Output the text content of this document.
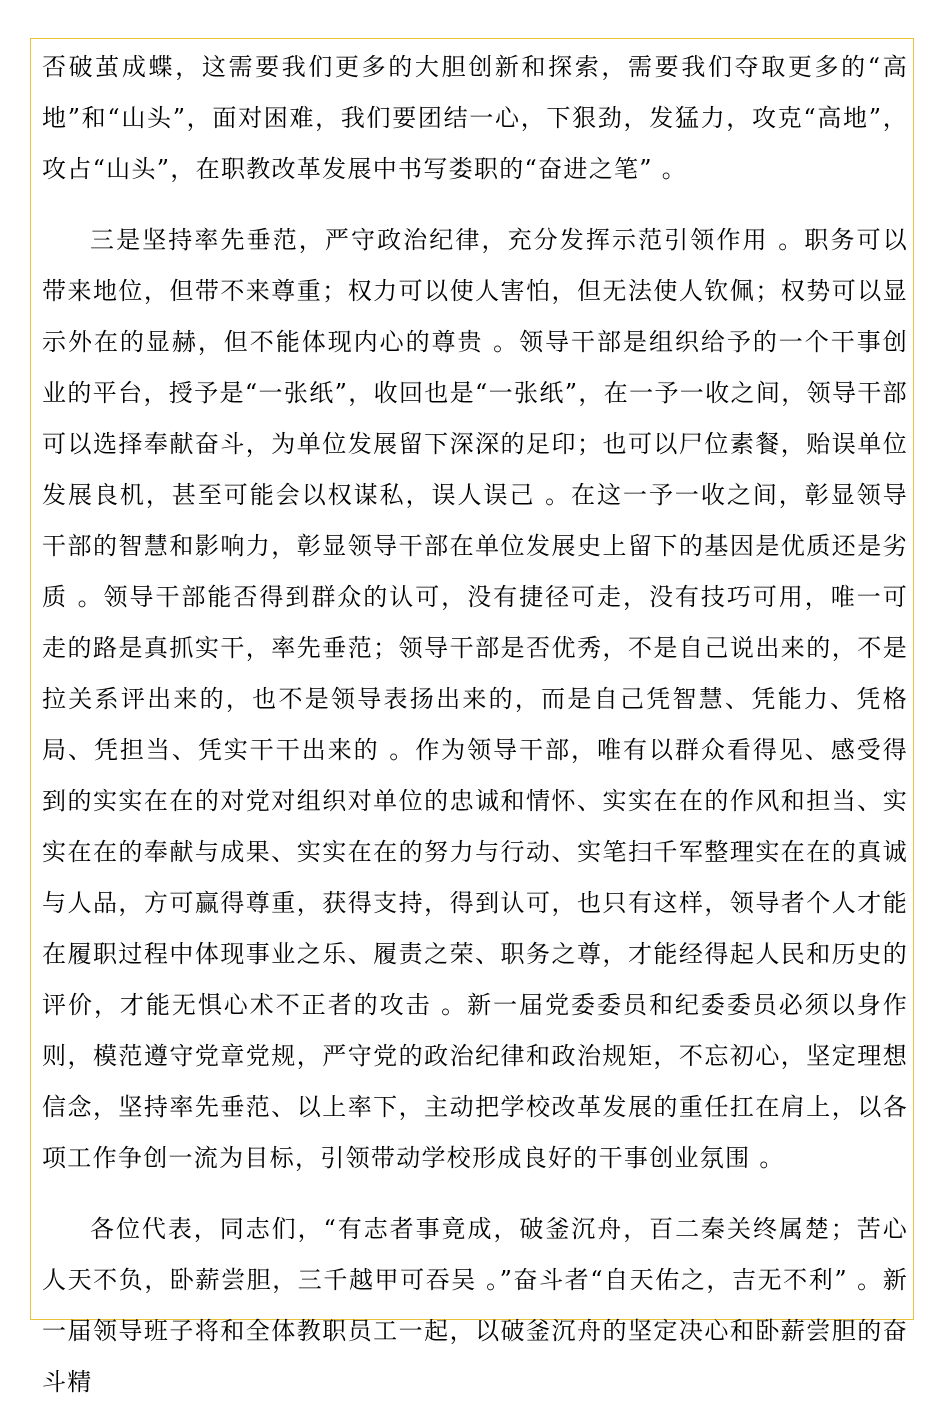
否破茧成蝶，这需要我们更多的大胆创新和探索，需要我们夺取更多的“高地”和“山头”，面对困难，我们要团结一心，下狠劲，发猛力，攻克“高地”，攻占“山头”，在职教改革发展中书写娄职的“奋进之笔” 。

三是坚持率先垂范，严守政治纪律，充分发挥示范引领作用 。职务可以带来地位，但带不来尊重；权力可以使人害怕，但无法使人钦佩；权势可以显示外在的显赫，但不能体现内心的尊贵 。领导干部是组织给予的一个干事创业的平台，授予是“一张纸”，收回也是“一张纸”，在一予一收之间，领导干部可以选择奉献奋斗，为单位发展留下深深的足印；也可以尸位素餐，贻误单位发展良机，甚至可能会以权谋私，误人误己 。在这一予一收之间，彰显领导干部的智慧和影响力，彰显领导干部在单位发展史上留下的基因是优质还是劣质 。领导干部能否得到群众的认可，没有捷径可走，没有技巧可用，唯一可走的路是真抓实干，率先垂范；领导干部是否优秀，不是自己说出来的，不是拉关系评出来的，也不是领导表扬出来的，而是自己凭智慧、凭能力、凭格局、凭担当、凭实干干出来的 。作为领导干部，唯有以群众看得见、感受得到的实实在在的对党对组织对单位的忠诚和情怀、实实在在的作风和担当、实实在在的奉献与成果、实实在在的努力与行动、实笔扫千军整理实在在的真诚与人品，方可赢得尊重，获得支持，得到认可，也只有这样，领导者个人才能在履职过程中体现事业之乐、履责之荣、职务之尊，才能经得起人民和历史的评价，才能无惧心术不正者的攻击 。新一届党委委员和纪委委员必须以身作则，模范遵守党章党规，严守党的政治纪律和政治规矩，不忘初心，坚定理想信念，坚持率先垂范、以上率下，主动把学校改革发展的重任扛在肩上，以各项工作争创一流为目标，引领带动学校形成良好的干事创业氛围 。

各位代表，同志们，“有志者事竟成，破釜沉舟，百二秦关终属楚；苦心人天不负，卧薪尝胆，三千越甲可吞吴 。”奋斗者“自天佑之，吉无不利” 。新一届领导班子将和全体教职员工一起，以破釜沉舟的坚定决心和卧薪尝胆的奋斗精
